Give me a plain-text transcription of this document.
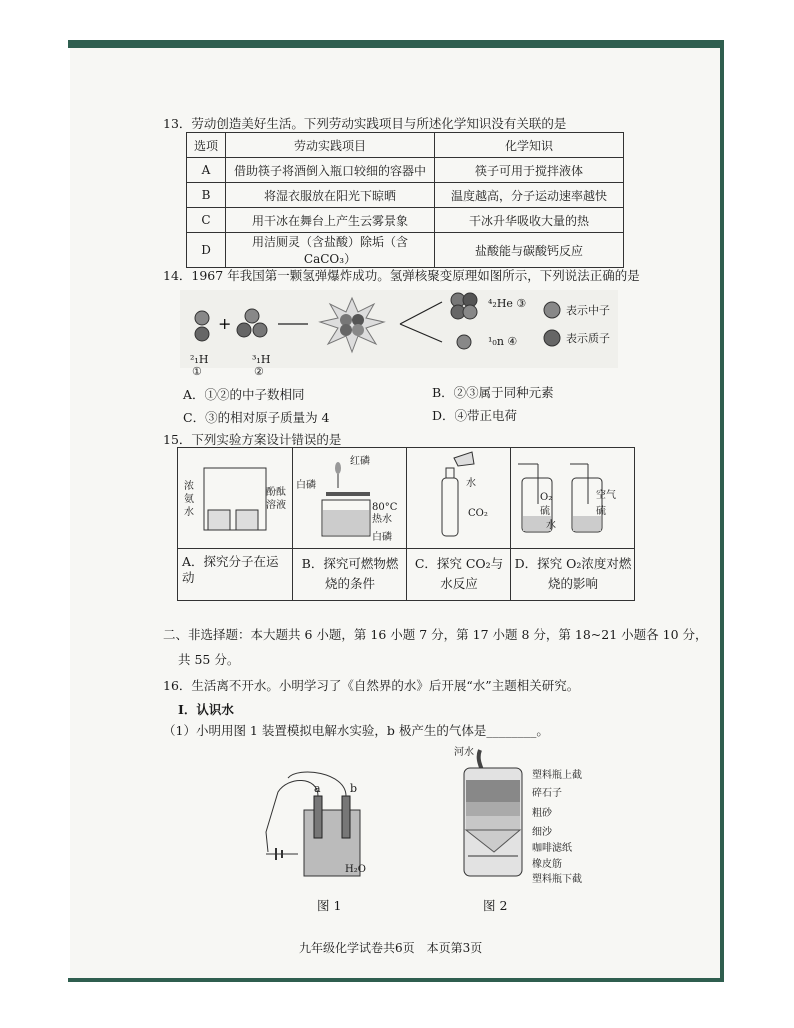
13．劳动创造美好生活。下列劳动实践项目与所述化学知识没有关联的是
选项	劳动实践项目	化学知识
A	借助筷子将酒倒入瓶口较细的容器中	筷子可用于搅拌液体
B	将湿衣服放在阳光下晾晒	温度越高，分子运动速率越快
C	用干冰在舞台上产生云雾景象	干冰升华吸收大量的热
D	用洁厕灵（含盐酸）除垢（含 CaCO₃）	盐酸能与碳酸钙反应
14．1967 年我国第一颗氢弹爆炸成功。氢弹核聚变原理如图所示，下列说法正确的是
+
²₁H
①
³₁H
②
⁴₂He ③
¹₀n ④
表示中子
表示质子
A．①②的中子数相同	B．②③属于同种元素
C．③的相对原子质量为 4	D．④带正电荷
15．下列实验方案设计错误的是
浓氨水
酚酞溶液
红磷
白磷
80°C热水
白磷
水
CO₂
O₂
硫
水
空气
硫
A．探究分子在运动
B．探究可燃物燃烧的条件
C．探究 CO₂与水反应
D．探究 O₂浓度对燃烧的影响
二、非选择题：本大题共 6 小题，第 16 小题 7 分，第 17 小题 8 分，第 18~21 小题各 10 分，
共 55 分。
16．生活离不开水。小明学习了《自然界的水》后开展“水”主题相关研究。
I．认识水
（1）小明用图 1 装置模拟电解水实验，b 极产生的气体是________。
a	b
H₂O
图 1
河水
塑料瓶上截
碎石子
粗砂
细沙
咖啡滤纸
橡皮筋
塑料瓶下截
图 2
九年级化学试卷共6页　本页第3页
